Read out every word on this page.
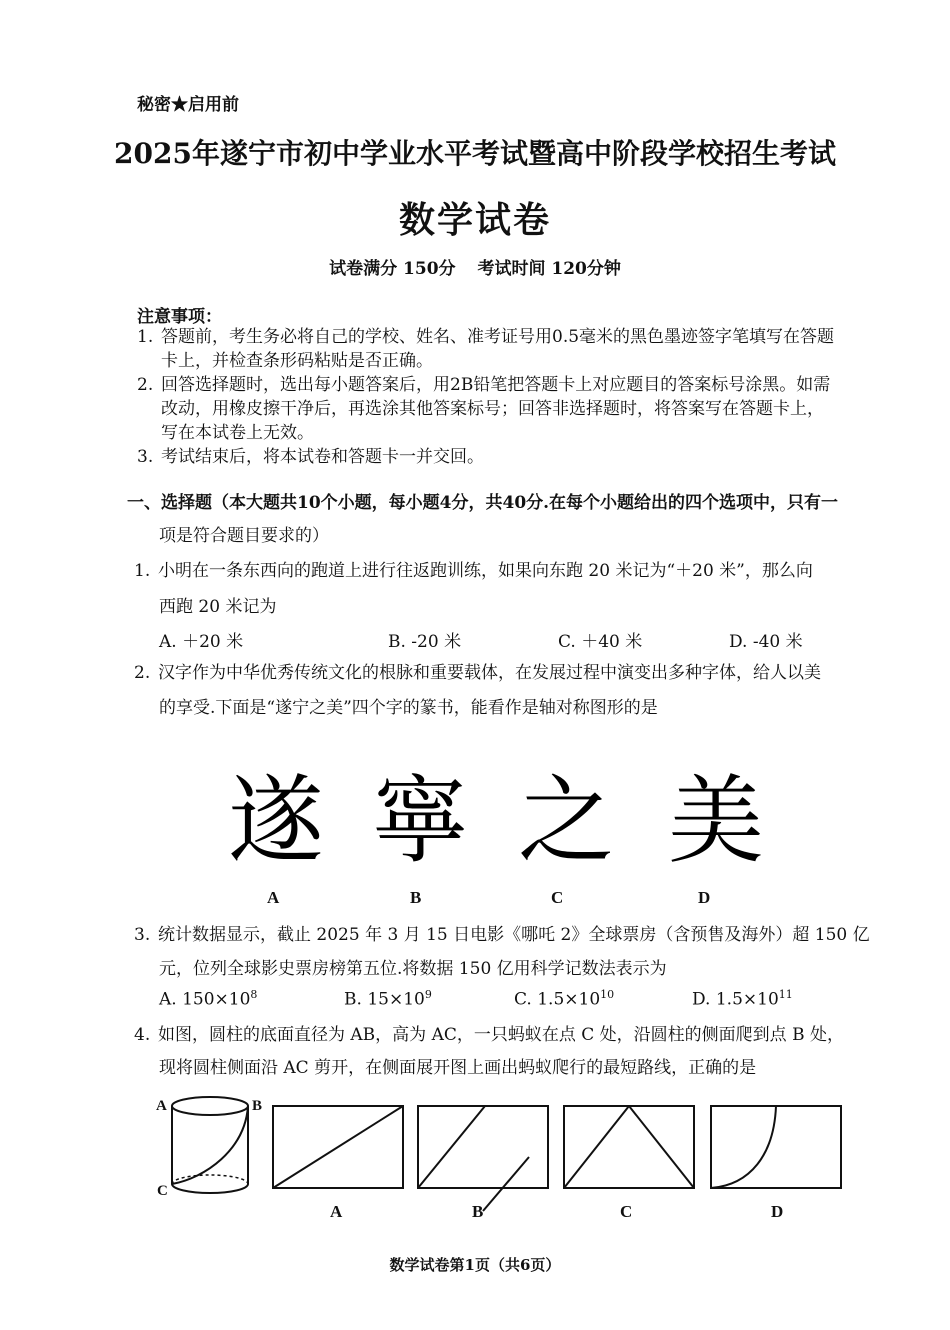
秘密★启用前
2025年遂宁市初中学业水平考试暨高中阶段学校招生考试
数学试卷
试卷满分 150分 考试时间 120分钟
注意事项：
1. 答题前，考生务必将自己的学校、姓名、准考证号用0.5毫米的黑色墨迹签字笔填写在答题
卡上，并检查条形码粘贴是否正确。
2. 回答选择题时，选出每小题答案后，用2B铅笔把答题卡上对应题目的答案标号涂黑。如需
改动，用橡皮擦干净后，再选涂其他答案标号；回答非选择题时，将答案写在答题卡上，
写在本试卷上无效。
3. 考试结束后，将本试卷和答题卡一并交回。
一、选择题（本大题共10个小题，每小题4分，共40分.在每个小题给出的四个选项中，只有一
项是符合题目要求的）
1. 小明在一条东西向的跑道上进行往返跑训练，如果向东跑 20 米记为“＋20 米”，那么向
西跑 20 米记为
A. ＋20 米	B. -20 米	C. ＋40 米	D. -40 米
2. 汉字作为中华优秀传统文化的根脉和重要载体，在发展过程中演变出多种字体，给人以美
的享受.下面是“遂宁之美”四个字的篆书，能看作是轴对称图形的是
遂 寧 之 美
A	B	C	D
3. 统计数据显示，截止 2025 年 3 月 15 日电影《哪吒 2》全球票房（含预售及海外）超 150 亿
元，位列全球影史票房榜第五位.将数据 150 亿用科学记数法表示为
A. $150\times 10^8$	B. $15\times 10^9$	C. $1.5\times 10^{10}$	D. $1.5\times 10^{11}$
4. 如图，圆柱的底面直径为 AB，高为 AC，一只蚂蚁在点 C 处，沿圆柱的侧面爬到点 B 处，
现将圆柱侧面沿 AC 剪开，在侧面展开图上画出蚂蚁爬行的最短路线，正确的是
A	B
C
A	B	C	D
数学试卷第1页（共6页）
